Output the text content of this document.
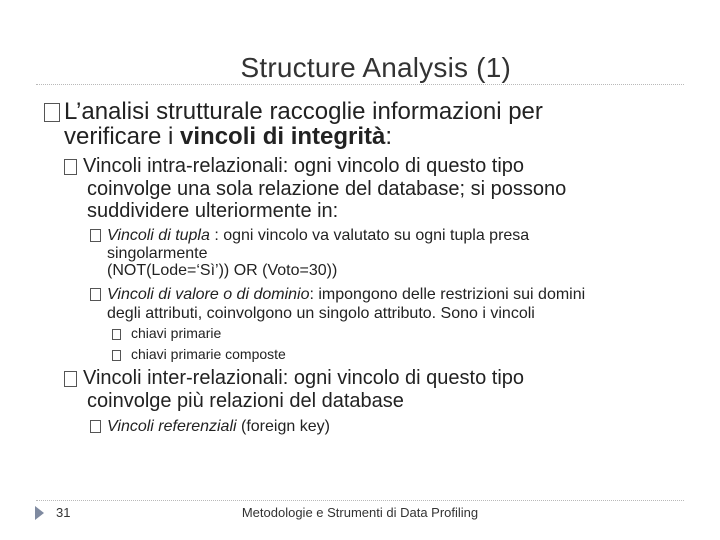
Structure Analysis (1)
L’analisi strutturale raccoglie informazioni per
verificare i vincoli di integrità:
Vincoli intra-relazionali: ogni vincolo di questo tipo
coinvolge una sola relazione del database; si possono
suddividere ulteriormente in:
Vincoli di tupla : ogni vincolo va valutato su ogni tupla presa
singolarmente
(NOT(Lode=‘Sì’)) OR (Voto=30))
Vincoli di valore o di dominio: impongono delle restrizioni sui domini
degli attributi, coinvolgono un singolo attributo. Sono i vincoli
chiavi primarie
chiavi primarie composte
Vincoli inter-relazionali: ogni vincolo di questo tipo
coinvolge più relazioni del database
Vincoli referenziali (foreign key)
31	Metodologie e Strumenti di Data Profiling
